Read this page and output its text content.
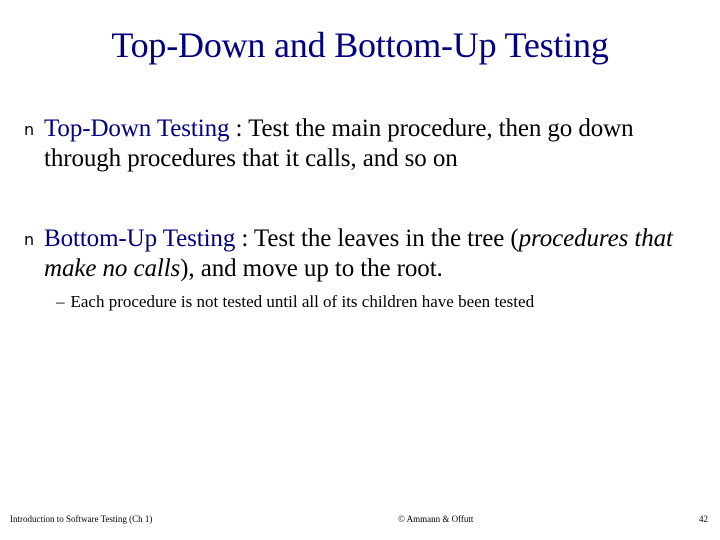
Top-Down and Bottom-Up Testing
n Top-Down Testing : Test the main procedure, then go down through procedures that it calls, and so on
n Bottom-Up Testing : Test the leaves in the tree (procedures that make no calls), and move up to the root.
– Each procedure is not tested until all of its children have been tested
Introduction to Software Testing (Ch 1)	© Ammann & Offutt	42
